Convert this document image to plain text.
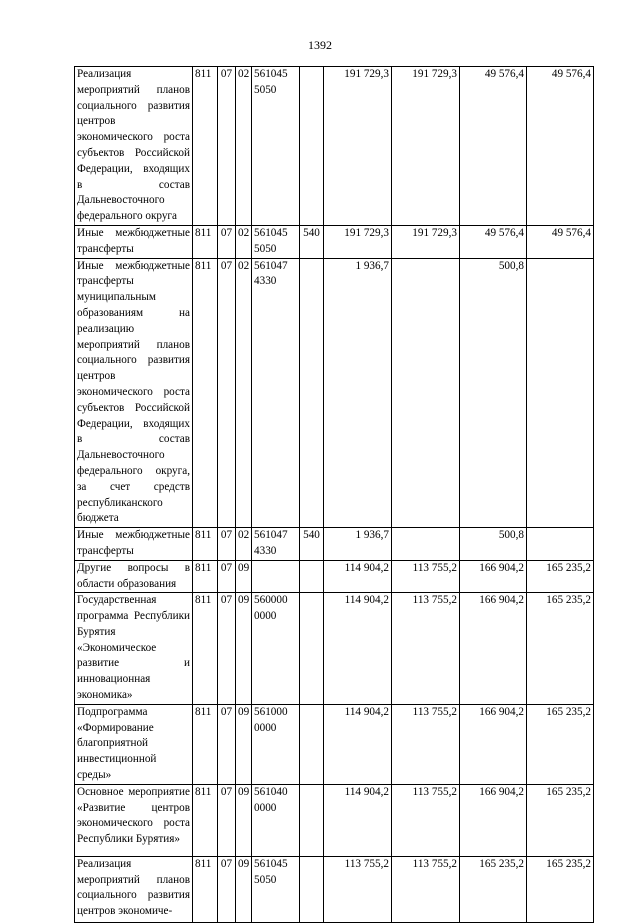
1392
Реализация мероприятий планов социального развития центров экономического роста субъектов Российской Федерации, входящих в состав Дальневосточного федерального округа	811	07	02	561045 5050		191 729,3	191 729,3	49 576,4	49 576,4
Иные межбюджетные трансферты	811	07	02	561045 5050	540	191 729,3	191 729,3	49 576,4	49 576,4
Иные межбюджетные трансферты муниципальным образованиям на реализацию мероприятий планов социального развития центров экономического роста субъектов Российской Федерации, входящих в состав Дальневосточного федерального округа, за счет средств республиканского бюджета	811	07	02	561047 4330		1 936,7		500,8	
Иные межбюджетные трансферты	811	07	02	561047 4330	540	1 936,7		500,8	
Другие вопросы в области образования	811	07	09			114 904,2	113 755,2	166 904,2	165 235,2
Государственная программа Республики Бурятия «Экономическое развитие и инновационная экономика»	811	07	09	560000 0000		114 904,2	113 755,2	166 904,2	165 235,2
Подпрограмма «Формирование благоприятной инвестиционной среды»	811	07	09	561000 0000		114 904,2	113 755,2	166 904,2	165 235,2
Основное мероприятие «Развитие центров экономического роста Республики Бурятия»	811	07	09	561040 0000		114 904,2	113 755,2	166 904,2	165 235,2
Реализация мероприятий планов социального развития центров экономиче-	811	07	09	561045 5050		113 755,2	113 755,2	165 235,2	165 235,2
